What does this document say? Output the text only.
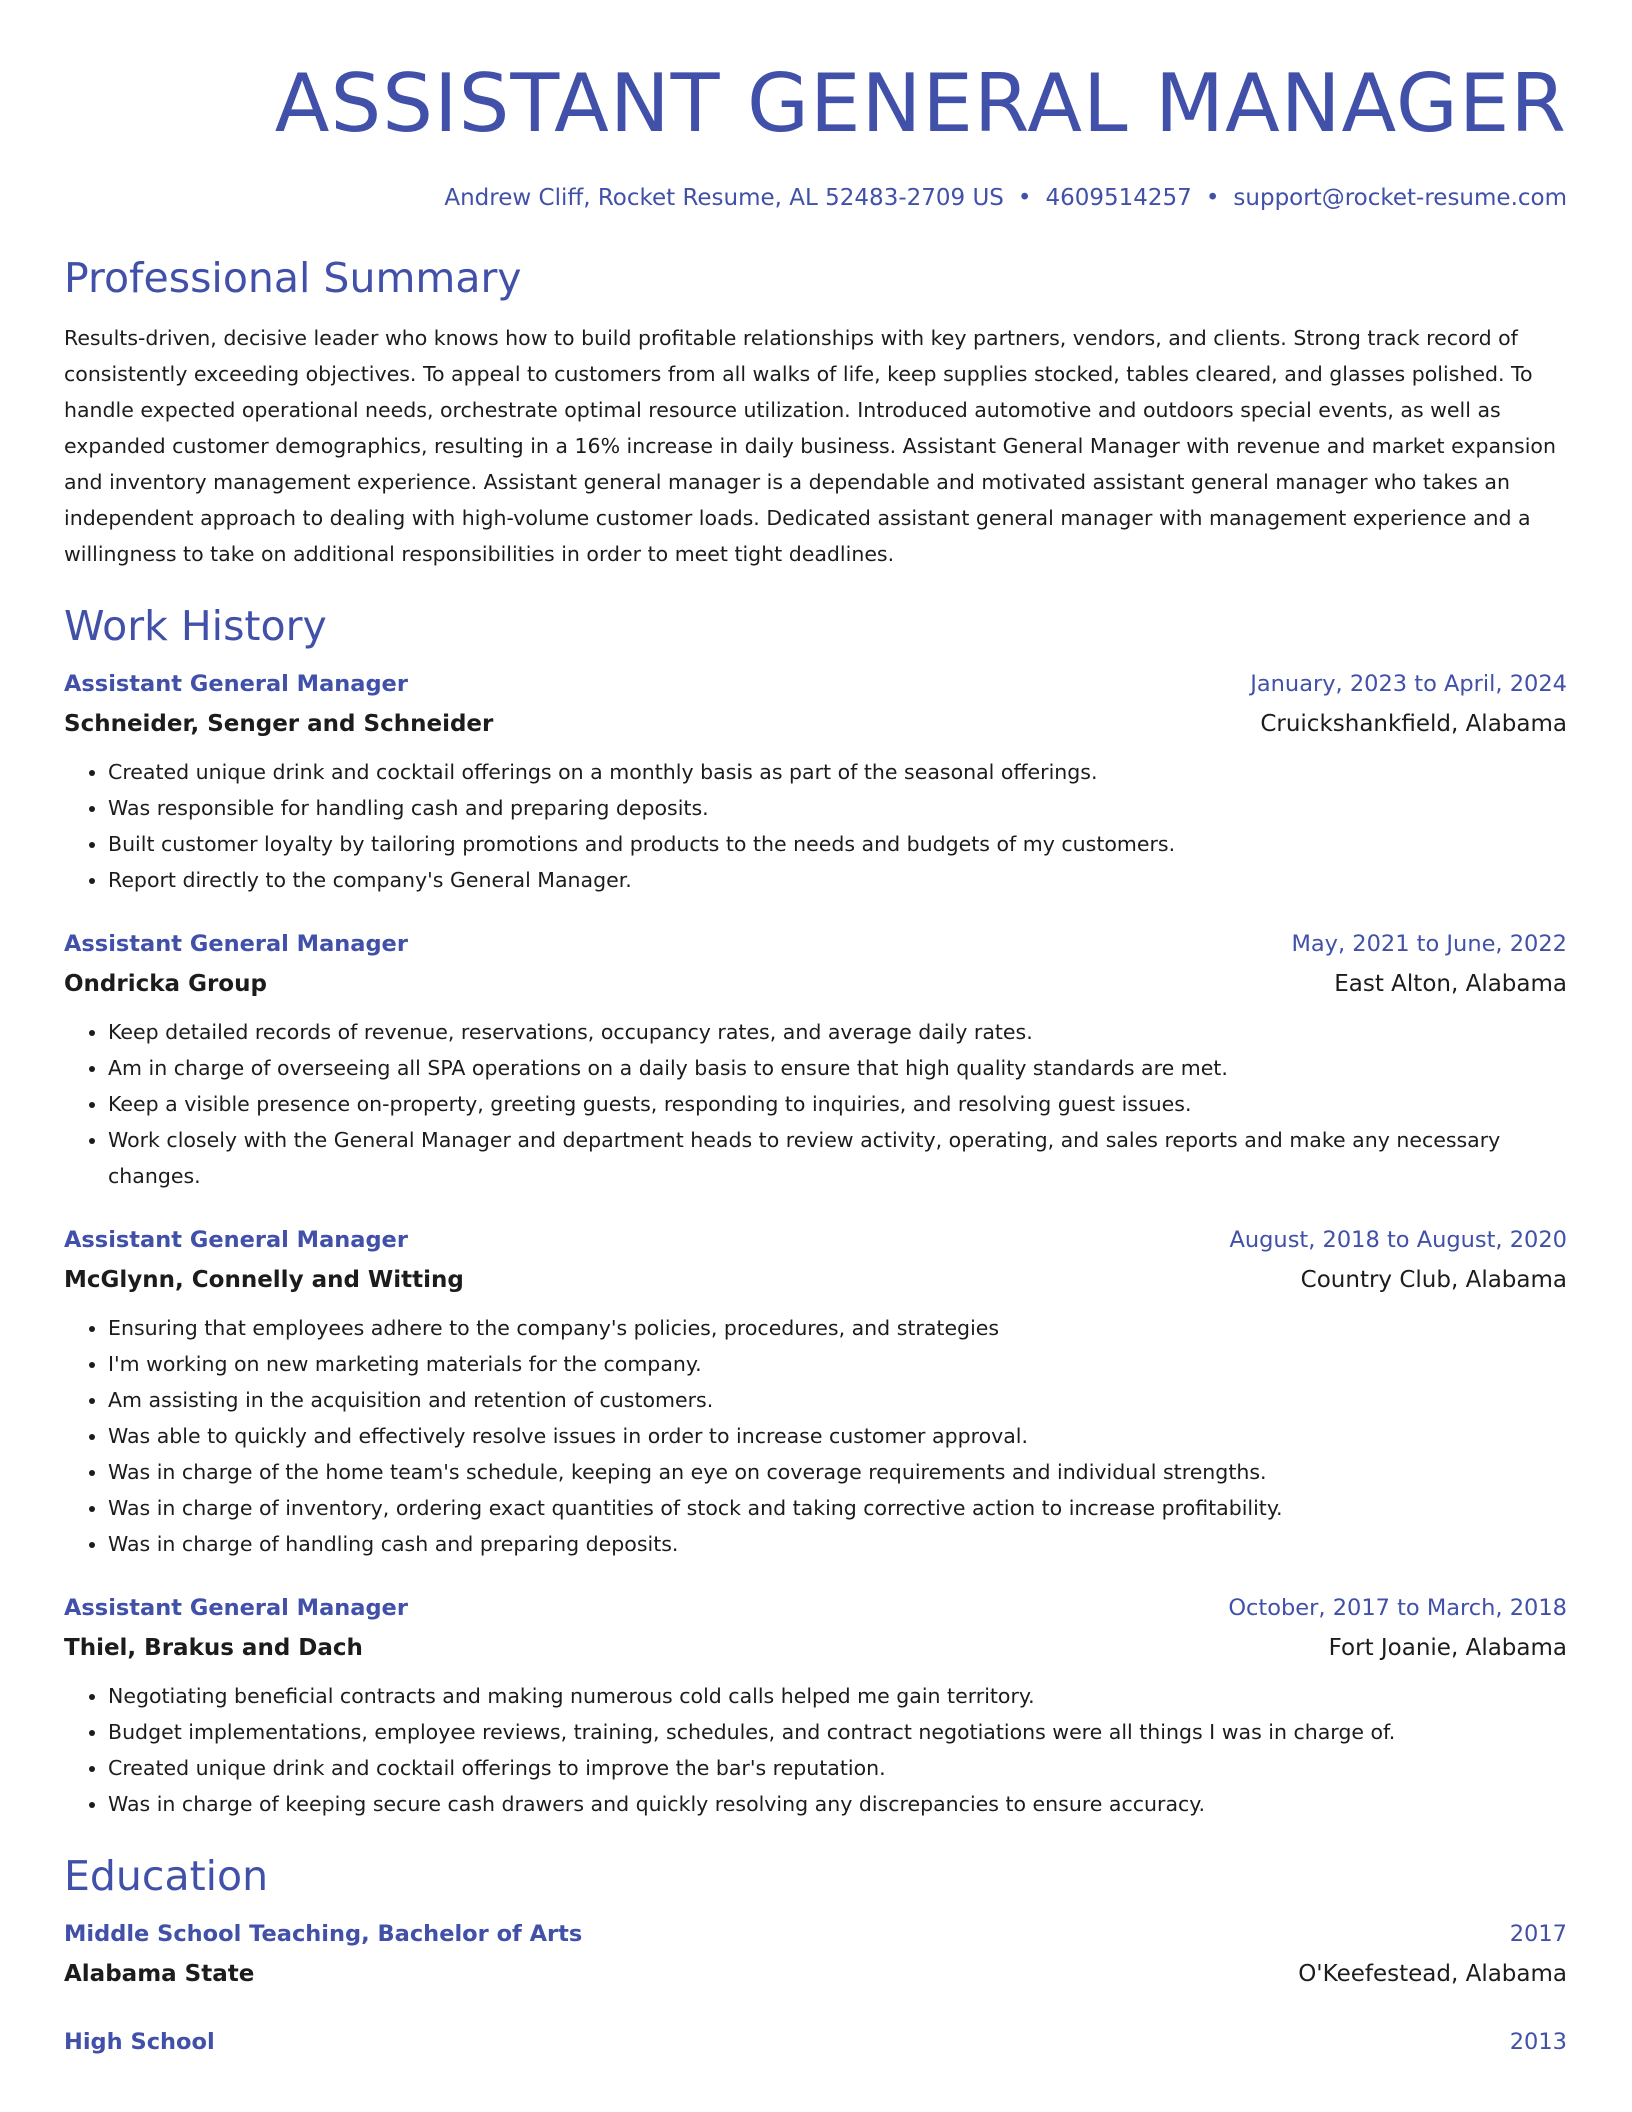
ASSISTANT GENERAL MANAGER
Andrew Cliff, Rocket Resume, AL 52483-2709 US • 4609514257 • support@rocket-resume.com
Professional Summary
Results-driven, decisive leader who knows how to build profitable relationships with key partners, vendors, and clients. Strong track record of consistently exceeding objectives. To appeal to customers from all walks of life, keep supplies stocked, tables cleared, and glasses polished. To handle expected operational needs, orchestrate optimal resource utilization. Introduced automotive and outdoors special events, as well as expanded customer demographics, resulting in a 16% increase in daily business. Assistant General Manager with revenue and market expansion and inventory management experience. Assistant general manager is a dependable and motivated assistant general manager who takes an independent approach to dealing with high-volume customer loads. Dedicated assistant general manager with management experience and a willingness to take on additional responsibilities in order to meet tight deadlines.
Work History
Assistant General Manager	January, 2023 to April, 2024
Schneider, Senger and Schneider	Cruickshankfield, Alabama
• Created unique drink and cocktail offerings on a monthly basis as part of the seasonal offerings.
• Was responsible for handling cash and preparing deposits.
• Built customer loyalty by tailoring promotions and products to the needs and budgets of my customers.
• Report directly to the company's General Manager.
Assistant General Manager	May, 2021 to June, 2022
Ondricka Group	East Alton, Alabama
• Keep detailed records of revenue, reservations, occupancy rates, and average daily rates.
• Am in charge of overseeing all SPA operations on a daily basis to ensure that high quality standards are met.
• Keep a visible presence on-property, greeting guests, responding to inquiries, and resolving guest issues.
• Work closely with the General Manager and department heads to review activity, operating, and sales reports and make any necessary changes.
Assistant General Manager	August, 2018 to August, 2020
McGlynn, Connelly and Witting	Country Club, Alabama
• Ensuring that employees adhere to the company's policies, procedures, and strategies
• I'm working on new marketing materials for the company.
• Am assisting in the acquisition and retention of customers.
• Was able to quickly and effectively resolve issues in order to increase customer approval.
• Was in charge of the home team's schedule, keeping an eye on coverage requirements and individual strengths.
• Was in charge of inventory, ordering exact quantities of stock and taking corrective action to increase profitability.
• Was in charge of handling cash and preparing deposits.
Assistant General Manager	October, 2017 to March, 2018
Thiel, Brakus and Dach	Fort Joanie, Alabama
• Negotiating beneficial contracts and making numerous cold calls helped me gain territory.
• Budget implementations, employee reviews, training, schedules, and contract negotiations were all things I was in charge of.
• Created unique drink and cocktail offerings to improve the bar's reputation.
• Was in charge of keeping secure cash drawers and quickly resolving any discrepancies to ensure accuracy.
Education
Middle School Teaching, Bachelor of Arts	2017
Alabama State	O'Keefestead, Alabama
High School	2013
